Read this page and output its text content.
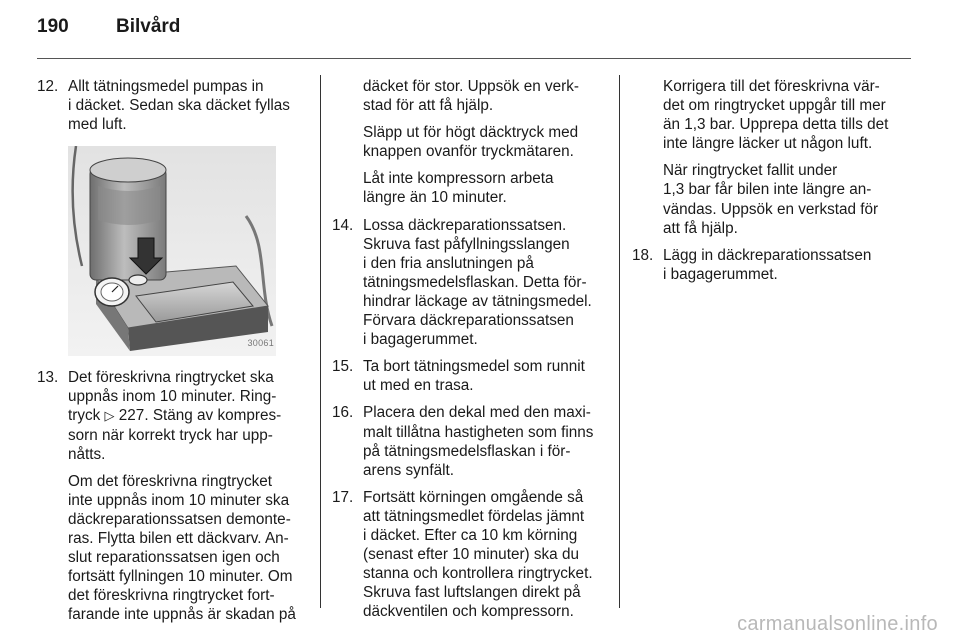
190 Bilvård
12. Allt tätningsmedel pumpas in
i däcket. Sedan ska däcket fyllas
med luft.
30061
13. Det föreskrivna ringtrycket ska
uppnås inom 10 minuter. Ring-
tryck ▷ 227. Stäng av kompres-
sorn när korrekt tryck har upp-
nåtts.
Om det föreskrivna ringtrycket
inte uppnås inom 10 minuter ska
däckreparationssatsen demonte-
ras. Flytta bilen ett däckvarv. An-
slut reparationssatsen igen och
fortsätt fyllningen 10 minuter. Om
det föreskrivna ringtrycket fort-
farande inte uppnås är skadan på
däcket för stor. Uppsök en verk-
stad för att få hjälp.
Släpp ut för högt däcktryck med
knappen ovanför tryckmätaren.
Låt inte kompressorn arbeta
längre än 10 minuter.
14. Lossa däckreparationssatsen.
Skruva fast påfyllningsslangen
i den fria anslutningen på
tätningsmedelsflaskan. Detta för-
hindrar läckage av tätningsmedel.
Förvara däckreparationssatsen
i bagagerummet.
15. Ta bort tätningsmedel som runnit
ut med en trasa.
16. Placera den dekal med den maxi-
malt tillåtna hastigheten som finns
på tätningsmedelsflaskan i för-
arens synfält.
17. Fortsätt körningen omgående så
att tätningsmedlet fördelas jämnt
i däcket. Efter ca 10 km körning
(senast efter 10 minuter) ska du
stanna och kontrollera ringtrycket.
Skruva fast luftslangen direkt på
däckventilen och kompressorn.
Korrigera till det föreskrivna vär-
det om ringtrycket uppgår till mer
än 1,3 bar. Upprepa detta tills det
inte längre läcker ut någon luft.
När ringtrycket fallit under
1,3 bar får bilen inte längre an-
vändas. Uppsök en verkstad för
att få hjälp.
18. Lägg in däckreparationssatsen
i bagagerummet.
carmanualsonline.info
